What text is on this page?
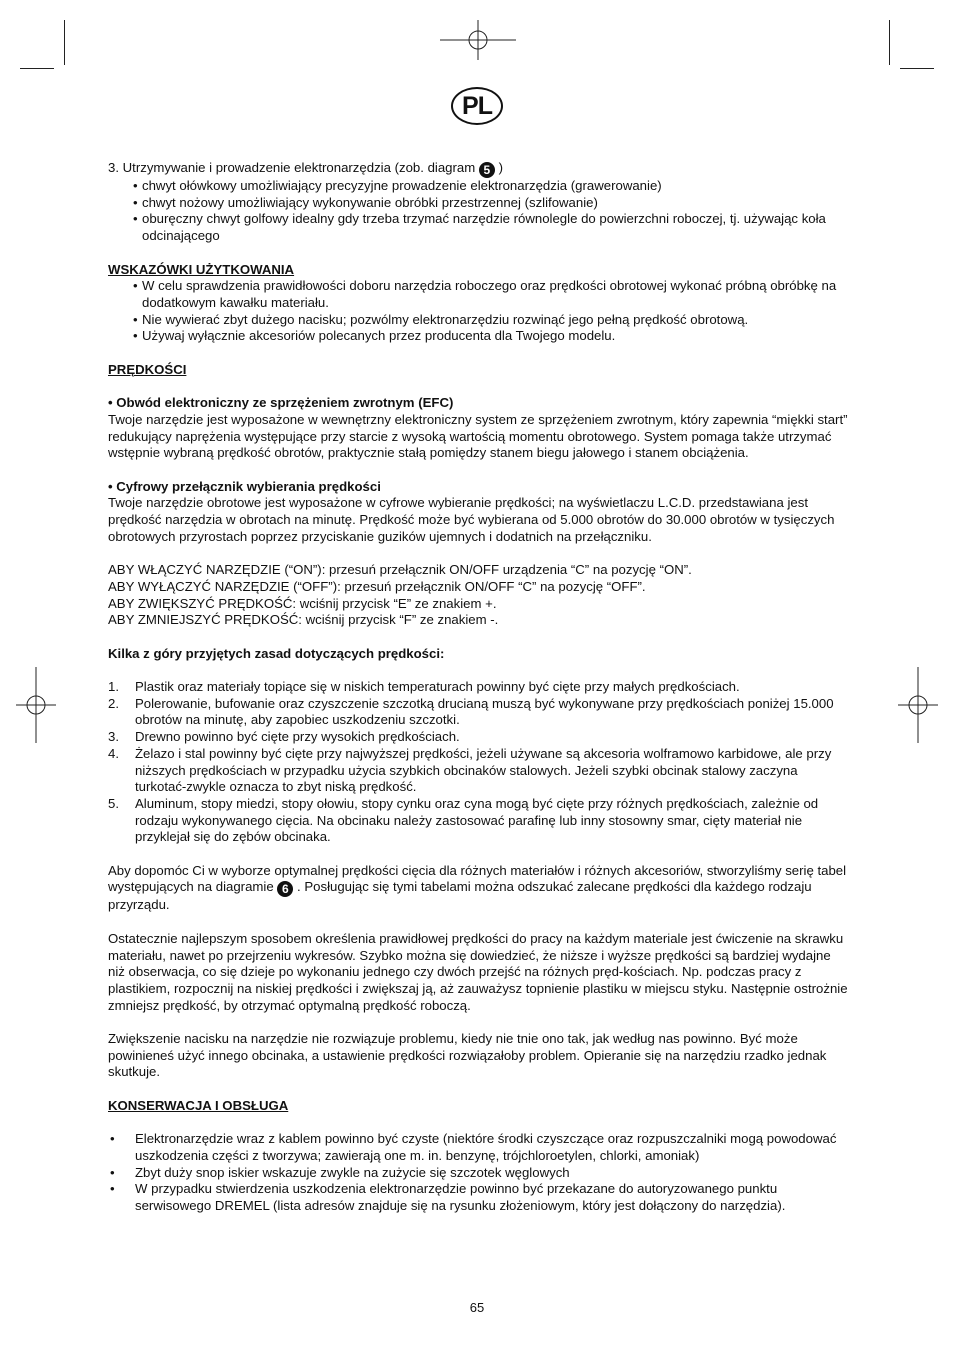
PL

3. Utrzymywanie i prowadzenie elektronarzędzia (zob. diagram 5 )

• chwyt ołówkowy umożliwiający precyzyjne prowadzenie elektronarzędzia (grawerowanie)

• chwyt nożowy umożliwiający wykonywanie obróbki przestrzennej (szlifowanie)

• oburęczny chwyt golfowy idealny gdy trzeba trzymać narzędzie równolegle do powierzchni roboczej, tj. używając koła odcinającego

WSKAZÓWKI UŻYTKOWANIA

• W celu sprawdzenia prawidłowości doboru narzędzia roboczego oraz prędkości obrotowej wykonać próbną obróbkę na dodatkowym kawałku materiału.

• Nie wywierać zbyt dużego nacisku; pozwólmy elektronarzędziu rozwinąć jego pełną prędkość obrotową.

• Używaj wyłącznie akcesoriów polecanych przez producenta dla Twojego modelu.

PRĘDKOŚCI

• Obwód elektroniczny ze sprzężeniem zwrotnym (EFC)

Twoje narzędzie jest wyposażone w wewnętrzny elektroniczny system ze sprzężeniem zwrotnym, który zapewnia “miękki start” redukujący naprężenia występujące przy starcie z wysoką wartością momentu obrotowego. System pomaga także utrzymać wstępnie wybraną prędkość obrotów, praktycznie stałą pomiędzy stanem biegu jałowego i stanem obciążenia.

• Cyfrowy przełącznik wybierania prędkości

Twoje narzędzie obrotowe jest wyposażone w cyfrowe wybieranie prędkości; na wyświetlaczu L.C.D. przedstawiana jest prędkość narzędzia w obrotach na minutę. Prędkość może być wybierana od 5.000 obrotów do 30.000 obrotów w tysięczych obrotowych przyrostach poprzez przyciskanie guzików ujemnych i dodatnich na przełączniku.

ABY WŁĄCZYĆ NARZĘDZIE (“ON”): przesuń przełącznik ON/OFF urządzenia “C” na pozycję “ON”.

ABY WYŁĄCZYĆ NARZĘDZIE (“OFF”): przesuń przełącznik ON/OFF “C” na pozycję “OFF”.

ABY ZWIĘKSZYĆ PRĘDKOŚĆ: wciśnij przycisk “E” ze znakiem +.

ABY ZMNIEJSZYĆ PRĘDKOŚĆ: wciśnij przycisk “F” ze znakiem -.

Kilka z góry przyjętych zasad dotyczących prędkości:

1. Plastik oraz materiały topiące się w niskich temperaturach powinny być cięte przy małych prędkościach.

2. Polerowanie, bufowanie oraz czyszczenie szczotką drucianą muszą być wykonywane przy prędkościach poniżej 15.000 obrotów na minutę, aby zapobiec uszkodzeniu szczotki.

3. Drewno powinno być cięte przy wysokich prędkościach.

4. Żelazo i stal powinny być cięte przy najwyższej prędkości, jeżeli używane są akcesoria wolframowo karbidowe, ale przy niższych prędkościach w przypadku użycia szybkich obcinaków stalowych. Jeżeli szybki obcinak stalowy zaczyna turkotać-zwykle oznacza to zbyt niską prędkość.

5. Aluminum, stopy miedzi, stopy ołowiu, stopy cynku oraz cyna mogą być cięte przy różnych prędkościach, zależnie od rodzaju wykonywanego cięcia. Na obcinaku należy zastosować parafinę lub inny stosowny smar, cięty materiał nie przyklejał się do zębów obcinaka.

Aby dopomóc Ci w wyborze optymalnej prędkości cięcia dla różnych materiałów i różnych akcesoriów, stworzyliśmy serię tabel występujących na diagramie 6 . Posługując się tymi tabelami można odszukać zalecane prędkości dla każdego rodzaju przyrządu.

Ostatecznie najlepszym sposobem określenia prawidłowej prędkości do pracy na każdym materiale jest ćwiczenie na skrawku materiału, nawet po przejrzeniu wykresów. Szybko można się dowiedzieć, że niższe i wyższe prędkości są bardziej wydajne niż obserwacja, co się dzieje po wykonaniu jednego czy dwóch przejść na różnych pręd-kościach. Np. podczas pracy z plastikiem, rozpocznij na niskiej prędkości i zwiększaj ją, aż zauważysz topnienie plastiku w miejscu styku. Następnie ostrożnie zmniejsz prędkość, by otrzymać optymalną prędkość roboczą.

Zwiększenie nacisku na narzędzie nie rozwiązuje problemu, kiedy nie tnie ono tak, jak według nas powinno. Być może powinieneś użyć innego obcinaka, a ustawienie prędkości rozwiązałoby problem. Opieranie się na narzędziu rzadko jednak skutkuje.

KONSERWACJA I OBSŁUGA

• Elektronarzędzie wraz z kablem powinno być czyste (niektóre środki czyszczące oraz rozpuszczalniki mogą powodować uszkodzenia części z tworzywa; zawierają one m. in. benzynę, trójchloroetylen, chlorki, amoniak)

• Zbyt duży snop iskier wskazuje zwykle na zużycie się szczotek węglowych

• W przypadku stwierdzenia uszkodzenia elektronarzędzie powinno być przekazane do autoryzowanego punktu serwisowego DREMEL (lista adresów znajduje się na rysunku złożeniowym, który jest dołączony do narzędzia).

65
